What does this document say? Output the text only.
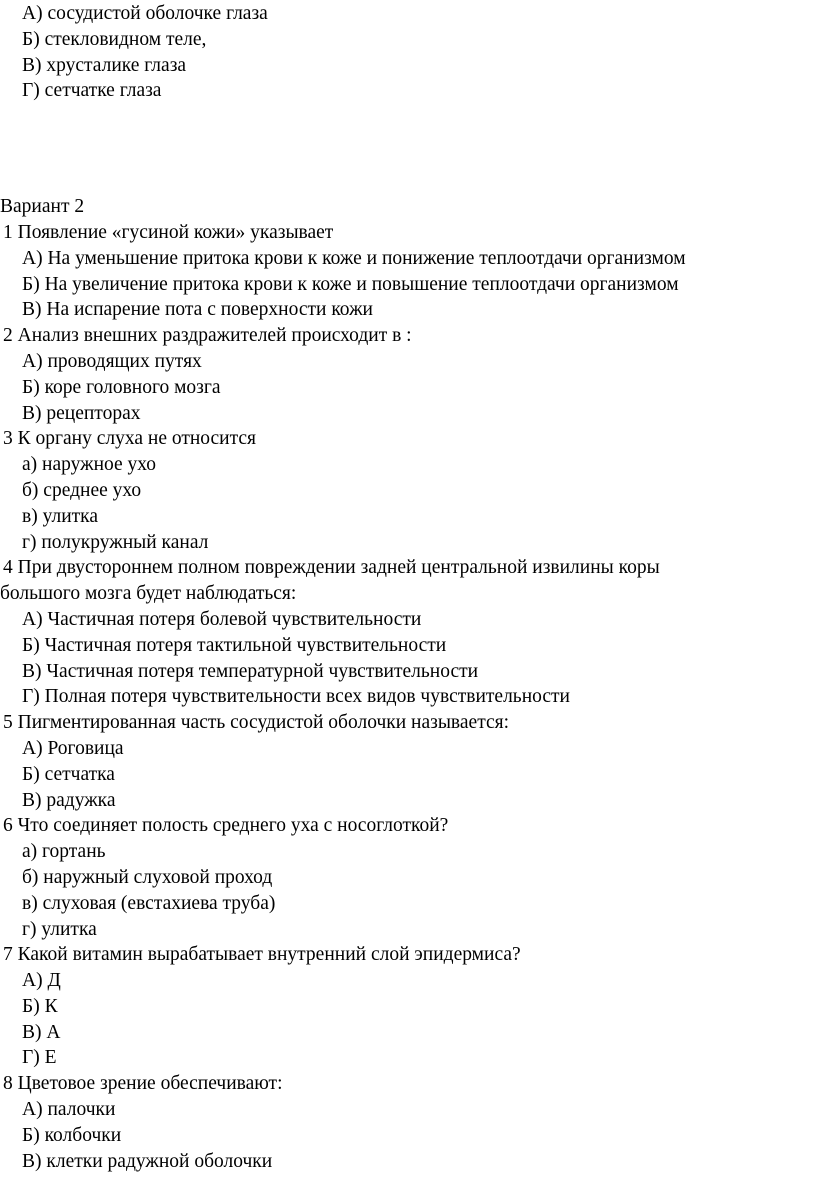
А) сосудистой оболочке глаза

Б) стекловидном теле,

В) хрусталике глаза

Г) сетчатке глаза

Вариант 2

1 Появление «гусиной кожи» указывает

А) На уменьшение притока крови к коже и понижение теплоотдачи организмом

Б) На увеличение притока крови к коже и повышение теплоотдачи организмом

В) На испарение пота с поверхности кожи

2 Анализ внешних раздражителей происходит в :

А) проводящих путях

Б) коре головного мозга

В) рецепторах

3 К органу слуха не относится

а) наружное ухо

б) среднее ухо

в) улитка

г) полукружный канал

4 При двустороннем полном повреждении задней центральной извилины коры

большого мозга будет наблюдаться:

А) Частичная потеря болевой чувствительности

Б) Частичная потеря тактильной чувствительности

В) Частичная потеря температурной чувствительности

Г) Полная потеря чувствительности всех видов чувствительности

5 Пигментированная часть сосудистой оболочки называется:

А) Роговица

Б) сетчатка

В) радужка

6 Что соединяет полость среднего уха с носоглоткой?

а) гортань

б) наружный слуховой проход

в) слуховая (евстахиева труба)

г) улитка

7 Какой витамин вырабатывает внутренний слой эпидермиса?

А) Д

Б) К

В) А

Г) Е

8 Цветовое зрение обеспечивают:

А) палочки

Б) колбочки

В) клетки радужной оболочки
